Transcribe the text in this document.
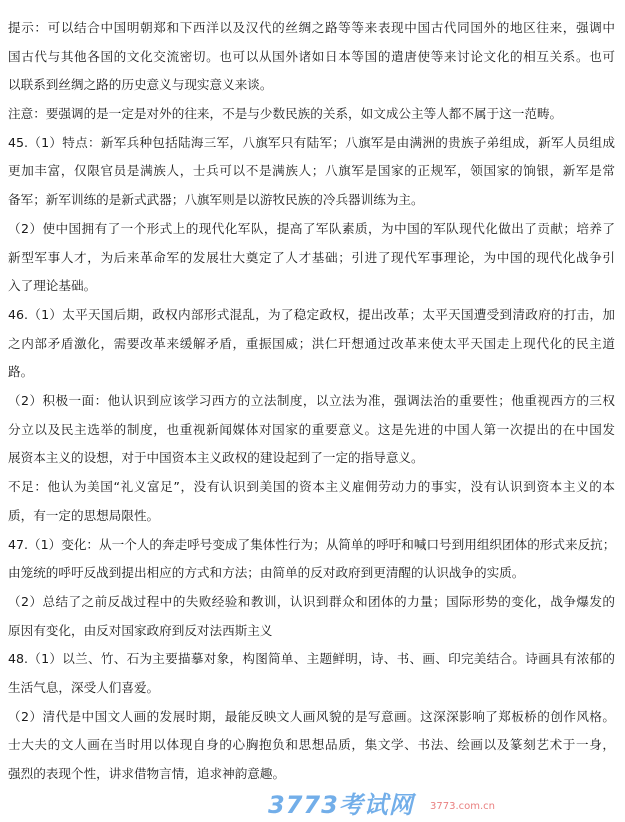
提示：可以结合中国明朝郑和下西洋以及汉代的丝绸之路等等来表现中国古代同国外的地区往来，强调中
国古代与其他各国的文化交流密切。也可以从国外诸如日本等国的遣唐使等来讨论文化的相互关系。也可
以联系到丝绸之路的历史意义与现实意义来谈。
注意：要强调的是一定是对外的往来，不是与少数民族的关系，如文成公主等人都不属于这一范畴。
45.（1）特点：新军兵种包括陆海三军，八旗军只有陆军；八旗军是由满洲的贵族子弟组成，新军人员组成
更加丰富，仅限官员是满族人，士兵可以不是满族人；八旗军是国家的正规军，领国家的饷银，新军是常
备军；新军训练的是新式武器；八旗军则是以游牧民族的冷兵器训练为主。
（2）使中国拥有了一个形式上的现代化军队，提高了军队素质，为中国的军队现代化做出了贡献；培养了
新型军事人才，为后来革命军的发展壮大奠定了人才基础；引进了现代军事理论，为中国的现代化战争引
入了理论基础。
46.（1）太平天国后期，政权内部形式混乱，为了稳定政权，提出改革；太平天国遭受到清政府的打击，加
之内部矛盾激化，需要改革来缓解矛盾，重振国威；洪仁玕想通过改革来使太平天国走上现代化的民主道
路。
（2）积极一面：他认识到应该学习西方的立法制度，以立法为准，强调法治的重要性；他重视西方的三权
分立以及民主选举的制度，也重视新闻媒体对国家的重要意义。这是先进的中国人第一次提出的在中国发
展资本主义的设想，对于中国资本主义政权的建设起到了一定的指导意义。
不足：他认为美国“礼义富足”，没有认识到美国的资本主义雇佣劳动力的事实，没有认识到资本主义的本
质，有一定的思想局限性。
47.（1）变化：从一个人的奔走呼号变成了集体性行为；从简单的呼吁和喊口号到用组织团体的形式来反抗；
由笼统的呼吁反战到提出相应的方式和方法；由简单的反对政府到更清醒的认识战争的实质。
（2）总结了之前反战过程中的失败经验和教训，认识到群众和团体的力量；国际形势的变化，战争爆发的
原因有变化，由反对国家政府到反对法西斯主义
48.（1）以兰、竹、石为主要描摹对象，构图简单、主题鲜明，诗、书、画、印完美结合。诗画具有浓郁的
生活气息，深受人们喜爱。
（2）清代是中国文人画的发展时期，最能反映文人画风貌的是写意画。这深深影响了郑板桥的创作风格。
士大夫的文人画在当时用以体现自身的心胸抱负和思想品质，集文学、书法、绘画以及篆刻艺术于一身，
强烈的表现个性，讲求借物言情，追求神韵意趣。
3773考试网 3773.com.cn
